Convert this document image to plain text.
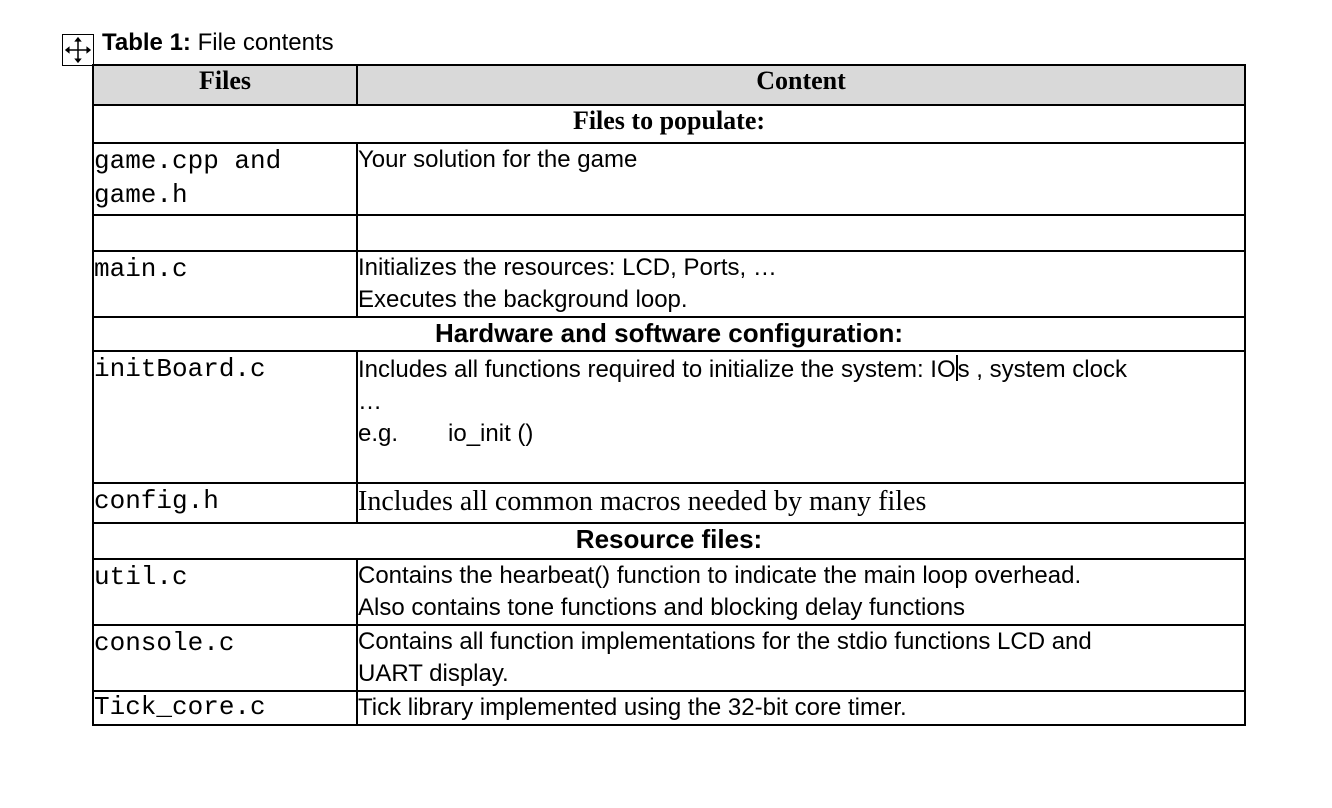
Table 1: File contents
Files	Content
Files to populate:	

game.cpp and
game.h	Your solution for the game

main.c	Initializes the resources: LCD, Ports, …
Executes the background loop.

Hardware and software configuration:	

initBoard.c	Includes all functions required to initialize the system: IOs , system clock
…
e.g. io_init ()

config.h	Includes all common macros needed by many files

Resource files:	

util.c	Contains the hearbeat() function to indicate the main loop overhead.
Also contains tone functions and blocking delay functions

console.c	Contains all function implementations for the stdio functions LCD and
UART display.

Tick_core.c	Tick library implemented using the 32-bit core timer.
